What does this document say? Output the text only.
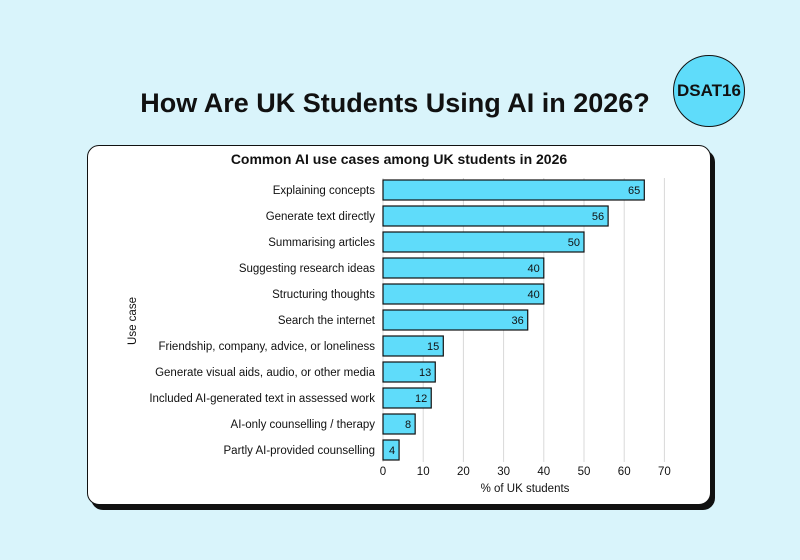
How Are UK Students Using AI in 2026?	DSAT16
Common AI use cases among UK students in 2026
Use case
% of UK students
65
56
50
40
40
36
15
13
12
8
4
Explaining concepts
Generate text directly
Summarising articles
Suggesting research ideas
Structuring thoughts
Search the internet
Friendship, company, advice, or loneliness
Generate visual aids, audio, or other media
Included AI-generated text in assessed work
AI-only counselling / therapy
Partly AI-provided counselling
0	10 20 30 40 50 60 70
